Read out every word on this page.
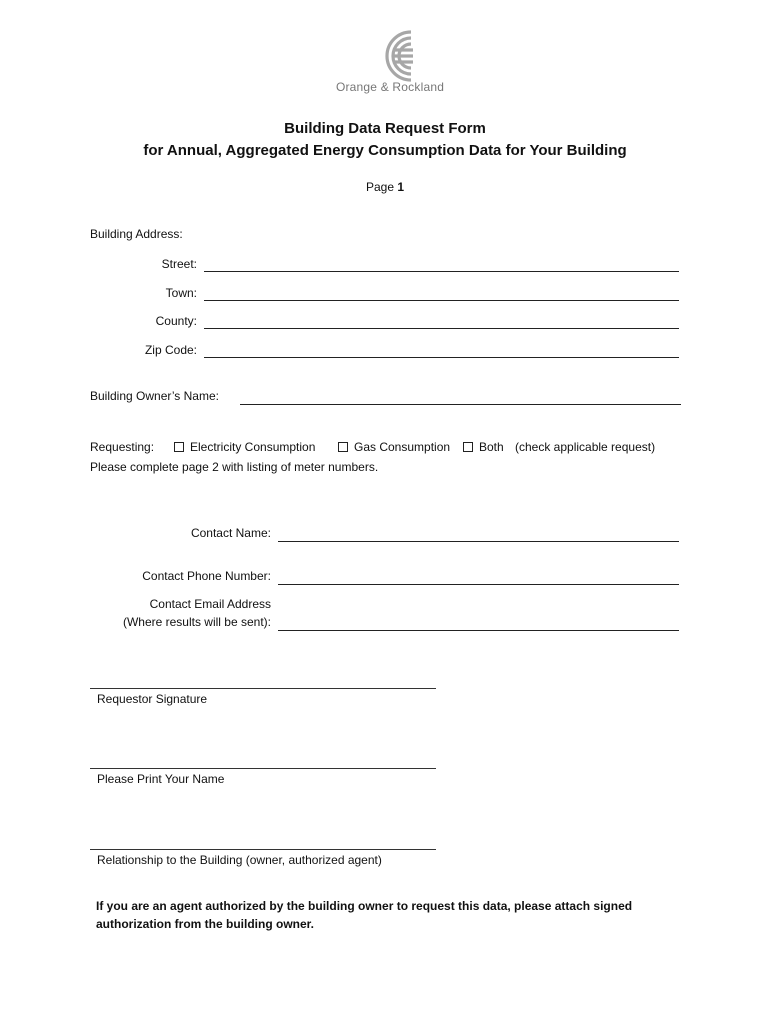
Orange & Rockland
Building Data Request Form
for Annual, Aggregated Energy Consumption Data for Your Building
Page 1
Building Address:
Street:
Town:
County:
Zip Code:
Building Owner’s Name:
Requesting:	Electricity Consumption	Gas Consumption	Both (check applicable request)
Please complete page 2 with listing of meter numbers.
Contact Name:
Contact Phone Number:
Contact Email Address
(Where results will be sent):
Requestor Signature
Please Print Your Name
Relationship to the Building (owner, authorized agent)
If you are an agent authorized by the building owner to request this data, please attach signed authorization from the building owner.
